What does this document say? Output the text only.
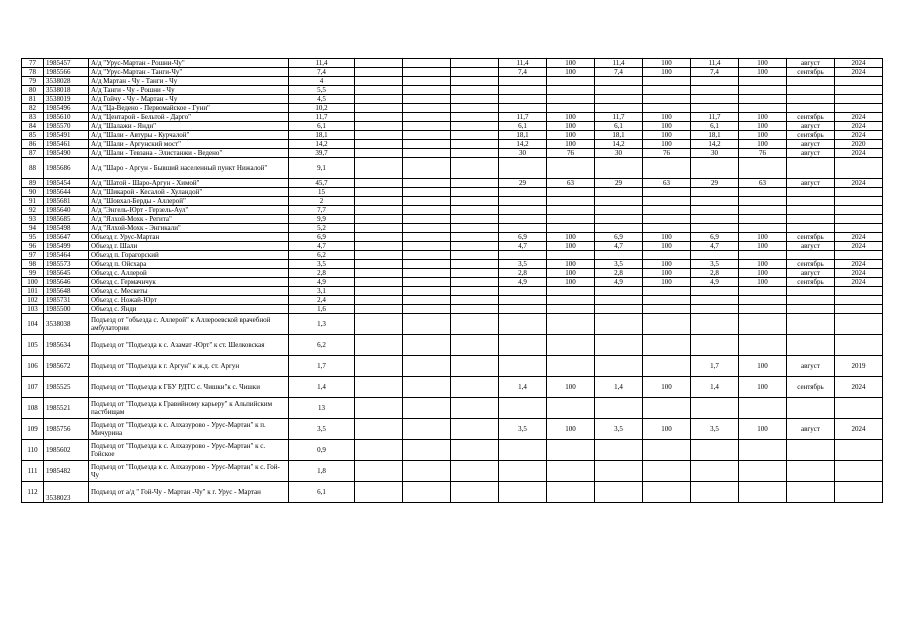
77	1985457	А/д "Урус-Мартан - Рошни-Чу"	11,4				11,4	100	11,4	100	11,4	100	август	2024
78	1985566	А/д "Урус-Мартан - Танги-Чу"	7,4				7,4	100	7,4	100	7,4	100	сентябрь	2024
79	3538028	А/д Мартан - Чу - Танги - Чу	4											
80	3538018	А/д Танги - Чу - Рошни - Чу	5,5											
81	3538019	А/д Гойчу - Чу - Мартан - Чу	4,5											
82	1985496	А/д "Ца-Ведено - Первомайское - Гуни"	10,2											
83	1985610	А/д "Центарой - Бельтой - Дарго"	11,7				11,7	100	11,7	100	11,7	100	сентябрь	2024
84	1985570	А/д "Шалажи - Янди"	6,1				6,1	100	6,1	100	6,1	100	август	2024
85	1985491	А/д "Шали - Автуры - Курчалой"	18,1				18,1	100	18,1	100	18,1	100	сентябрь	2024
86	1985461	А/д "Шали - Аргунский мост"	14,2				14,2	100	14,2	100	14,2	100	август	2020
87	1985490	А/д "Шали - Тевзана - Элистанжи - Ведено"	39,7				30	76	30	76	30	76	август	2024
88	1985686	А/д "Шаро - Аргун - Бывший населенный пункт Нижалой"	9,1											
89	1985454	А/д "Шатой - Шаро-Аргун - Химой"	45,7				29	63	29	63	29	63	август	2024
90	1985644	А/д "Шикарой - Кесалой - Хуландой"	15											
91	1985681	А/д "Шовхал-Берды - Аллерой"	2											
92	1985640	А/д "Энгель-Юрт - Герзель-Аул"	7,7											
93	1985685	А/д "Ялхой-Мохк - Регита"	9,9											
94	1985498	А/д "Ялхой-Мохк - Энгикали"	5,2											
95	1985647	Объезд г. Урус-Мартан	6,9				6,9	100	6,9	100	6,9	100	сентябрь	2024
96	1985499	Объезд г. Шали	4,7				4,7	100	4,7	100	4,7	100	август	2024
97	1985464	Объезд п. Горагорский	6,2											
98	1985573	Объезд п. Ойсхара	3,5				3,5	100	3,5	100	3,5	100	сентябрь	2024
99	1985645	Объезд с. Аллерой	2,8				2,8	100	2,8	100	2,8	100	август	2024
100	1985646	Объезд с. Гермачнчук	4,9				4,9	100	4,9	100	4,9	100	сентябрь	2024
101	1985648	Объезд с. Мескеты	3,1											
102	1985731	Объезд с. Ножай-Юрт	2,4											
103	1985500	Объезд с. Янди	1,6											
104	3538038	Подъезд от "объезда с. Аллерой" к Аллероевской врачебной амбулатории	1,3											
105	1985634	Подъезд от "Подъезда к с. Азамат -Юрт" к ст. Шелковская	6,2											
106	1985672	Подъезд от "Подъезда к г. Аргун" к ж.д. ст. Аргун	1,7								1,7	100	август	2019
107	1985525	Подъезд от "Подъезда к ГБУ РДТС с. Чишки"к с. Чишки	1,4				1,4	100	1,4	100	1,4	100	сентябрь	2024
108	1985521	Подъезд от "Подъезда к Гравийному карьеру" к Альпийским пастбищам	13											
109	1985756	Подъезд от "Подъезда к с. Алхазурово - Урус-Мартан" к п. Мичурина	3,5				3,5	100	3,5	100	3,5	100	август	2024
110	1985602	Подъезд от "Подъезда к с. Алхазурово - Урус-Мартан" к с. Гойское	0,9											
111	1985482	Подъезд от "Подъезда к с. Алхазурово - Урус-Мартан" к с. Гой-Чу	1,8											
112	3538023	Подъезд от а/д " Гой-Чу - Мартан -Чу" к г. Урус - Мартан	6,1											
